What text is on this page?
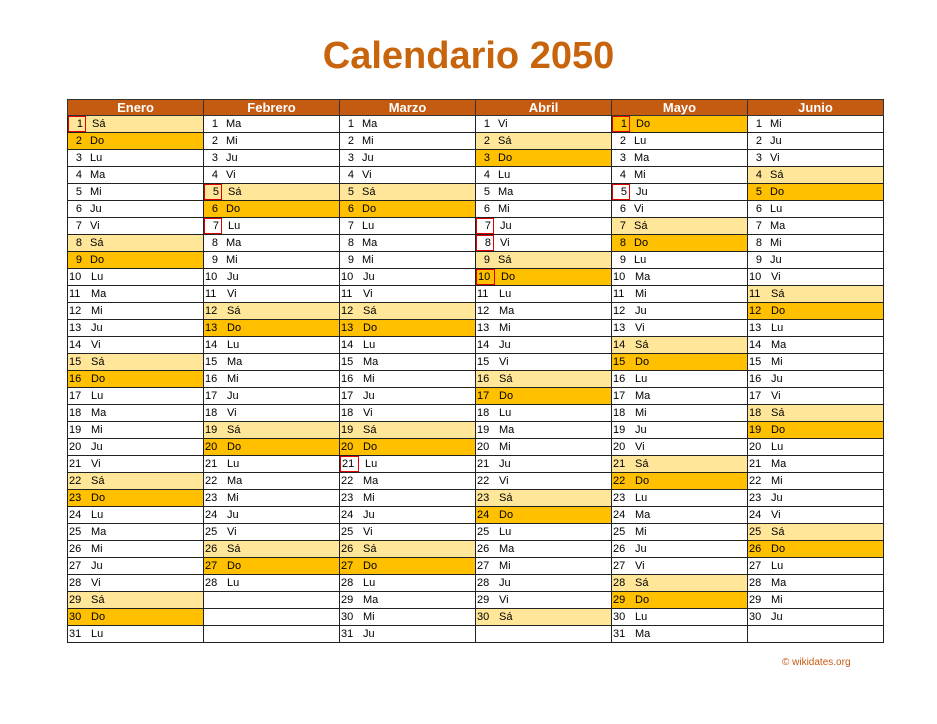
Calendario 2050
Enero	Febrero	Marzo	Abril	Mayo	Junio

1 Sá	1 Ma	1 Ma	1 Vi	1 Do	1 Mi

2 Do	2 Mi	2 Mi	2 Sá	2 Lu	2 Ju

3 Lu	3 Ju	3 Ju	3 Do	3 Ma	3 Vi

4 Ma	4 Vi	4 Vi	4 Lu	4 Mi	4 Sá

5 Mi	5 Sá	5 Sá	5 Ma	5 Ju	5 Do

6 Ju	6 Do	6 Do	6 Mi	6 Vi	6 Lu

7 Vi	7 Lu	7 Lu	7 Ju	7 Sá	7 Ma

8 Sá	8 Ma	8 Ma	8 Vi	8 Do	8 Mi

9 Do	9 Mi	9 Mi	9 Sá	9 Lu	9 Ju

10 Lu	10 Ju	10 Ju	10 Do	10 Ma	10 Vi

11 Ma	11 Vi	11 Vi	11 Lu	11 Mi	11 Sá

12 Mi	12 Sá	12 Sá	12 Ma	12 Ju	12 Do

13 Ju	13 Do	13 Do	13 Mi	13 Vi	13 Lu

14 Vi	14 Lu	14 Lu	14 Ju	14 Sá	14 Ma

15 Sá	15 Ma	15 Ma	15 Vi	15 Do	15 Mi

16 Do	16 Mi	16 Mi	16 Sá	16 Lu	16 Ju

17 Lu	17 Ju	17 Ju	17 Do	17 Ma	17 Vi

18 Ma	18 Vi	18 Vi	18 Lu	18 Mi	18 Sá

19 Mi	19 Sá	19 Sá	19 Ma	19 Ju	19 Do

20 Ju	20 Do	20 Do	20 Mi	20 Vi	20 Lu

21 Vi	21 Lu	21 Lu	21 Ju	21 Sá	21 Ma

22 Sá	22 Ma	22 Ma	22 Vi	22 Do	22 Mi

23 Do	23 Mi	23 Mi	23 Sá	23 Lu	23 Ju

24 Lu	24 Ju	24 Ju	24 Do	24 Ma	24 Vi

25 Ma	25 Vi	25 Vi	25 Lu	25 Mi	25 Sá

26 Mi	26 Sá	26 Sá	26 Ma	26 Ju	26 Do

27 Ju	27 Do	27 Do	27 Mi	27 Vi	27 Lu

28 Vi	28 Lu	28 Lu	28 Ju	28 Sá	28 Ma

29 Sá		29 Ma	29 Vi	29 Do	29 Mi

30 Do		30 Mi	30 Sá	30 Lu	30 Ju

31 Lu		31 Ju		31 Ma	

© wikidates.org
